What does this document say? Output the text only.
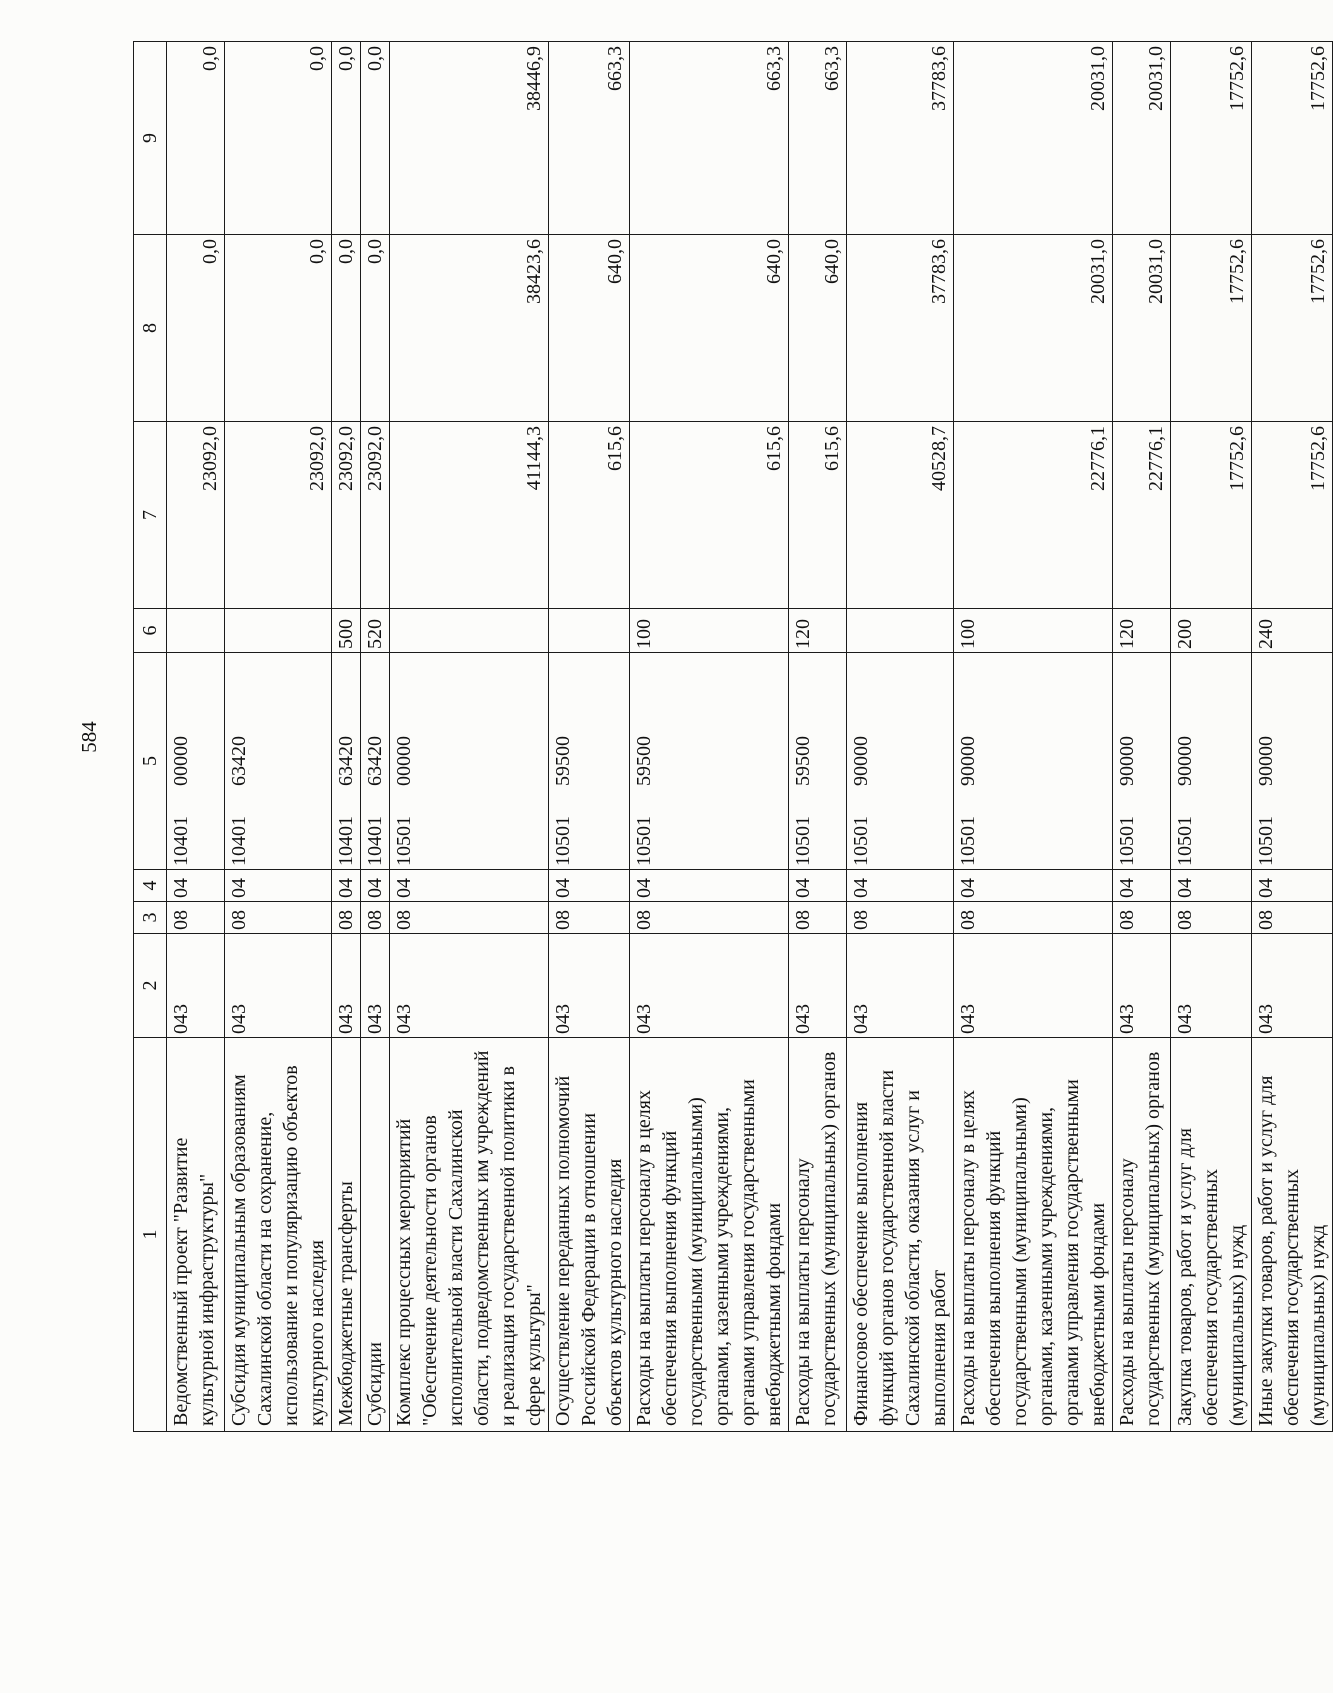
584
1	2	3	4	5	6	7	8	9
Ведомственный проект "Развитие культурной инфраструктуры"	043	08	04	1040100000		23092,0	0,0	0,0
Субсидия муниципальным образованиям Сахалинской области на сохранение, использование и популяризацию объектов культурного наследия	043	08	04	1040163420		23092,0	0,0	0,0
Межбюджетные трансферты	043	08	04	1040163420	500	23092,0	0,0	0,0
Субсидии	043	08	04	1040163420	520	23092,0	0,0	0,0
Комплекс процессных мероприятий "Обеспечение деятельности органов исполнительной власти Сахалинской области, подведомственных им учреждений и реализация государственной политики в сфере культуры"	043	08	04	1050100000		41144,3	38423,6	38446,9
Осуществление переданных полномочий Российской Федерации в отношении объектов культурного наследия	043	08	04	1050159500		615,6	640,0	663,3
Расходы на выплаты персоналу в целях обеспечения выполнения функций государственными (муниципальными) органами, казенными учреждениями, органами управления государственными внебюджетными фондами	043	08	04	1050159500	100	615,6	640,0	663,3
Расходы на выплаты персоналу государственных (муниципальных) органов	043	08	04	1050159500	120	615,6	640,0	663,3
Финансовое обеспечение выполнения функций органов государственной власти Сахалинской области, оказания услуг и выполнения работ	043	08	04	1050190000		40528,7	37783,6	37783,6
Расходы на выплаты персоналу в целях обеспечения выполнения функций государственными (муниципальными) органами, казенными учреждениями, органами управления государственными внебюджетными фондами	043	08	04	1050190000	100	22776,1	20031,0	20031,0
Расходы на выплаты персоналу государственных (муниципальных) органов	043	08	04	1050190000	120	22776,1	20031,0	20031,0
Закупка товаров, работ и услуг для обеспечения государственных (муниципальных) нужд	043	08	04	1050190000	200	17752,6	17752,6	17752,6
Иные закупки товаров, работ и услуг для обеспечения государственных (муниципальных) нужд	043	08	04	1050190000	240	17752,6	17752,6	17752,6
